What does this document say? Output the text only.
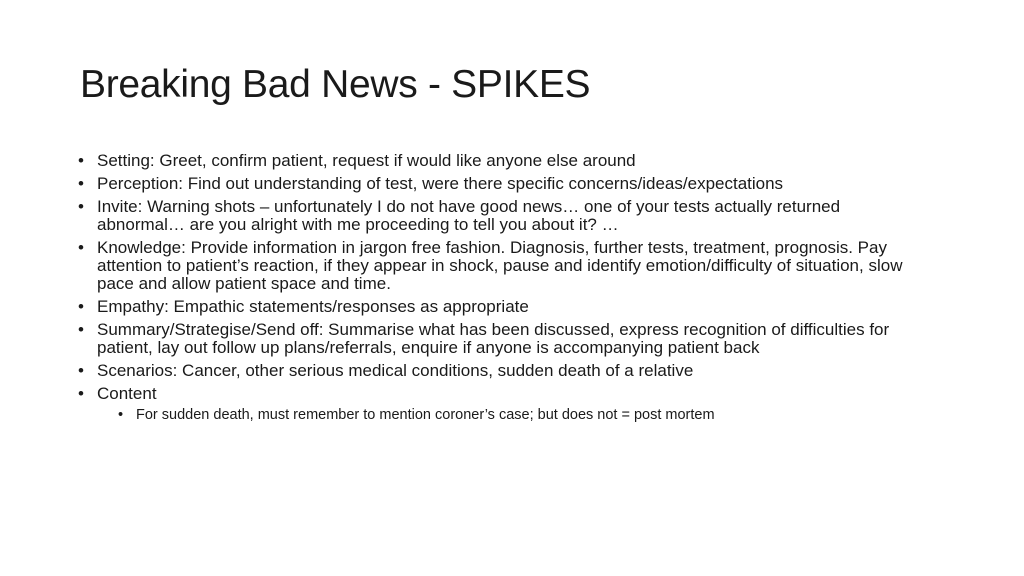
Breaking Bad News - SPIKES
• Setting: Greet, confirm patient, request if would like anyone else around
• Perception: Find out understanding of test, were there specific concerns/ideas/expectations
• Invite: Warning shots – unfortunately I do not have good news… one of your tests actually returned abnormal… are you alright with me proceeding to tell you about it? …
• Knowledge: Provide information in jargon free fashion. Diagnosis, further tests, treatment, prognosis. Pay attention to patient’s reaction, if they appear in shock, pause and identify emotion/difficulty of situation, slow pace and allow patient space and time.
• Empathy: Empathic statements/responses as appropriate
• Summary/Strategise/Send off: Summarise what has been discussed, express recognition of difficulties for patient, lay out follow up plans/referrals, enquire if anyone is accompanying patient back
• Scenarios: Cancer, other serious medical conditions, sudden death of a relative
• Content
• For sudden death, must remember to mention coroner’s case; but does not = post mortem
